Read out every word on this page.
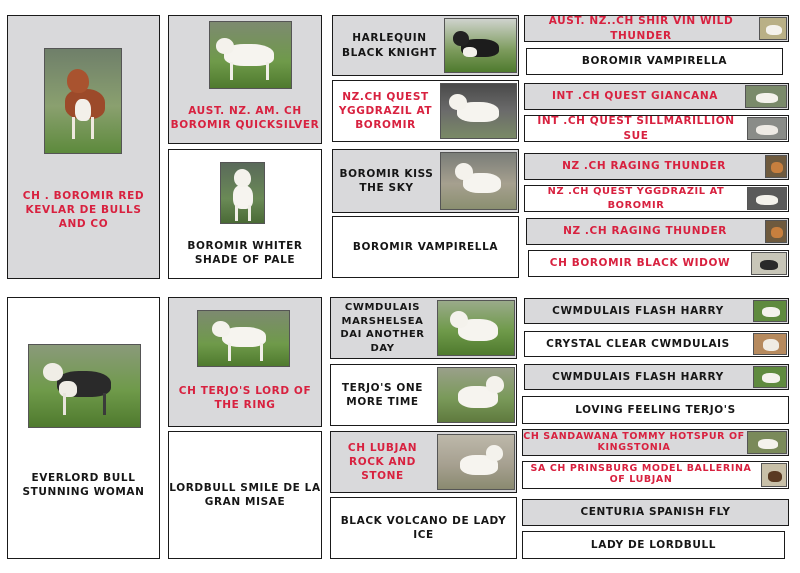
CH . BOROMIR RED KEVLAR DE BULLS AND CO
AUST. NZ. AM. CH BOROMIR QUICKSILVER
BOROMIR WHITER SHADE OF PALE
HARLEQUIN BLACK KNIGHT
NZ.CH QUEST YGGDRAZIL AT BOROMIR
BOROMIR KISS THE SKY
BOROMIR VAMPIRELLA
AUST. NZ..CH SHIR VIN WILD THUNDER
BOROMIR VAMPIRELLA
INT .CH QUEST GIANCANA
INT .CH QUEST SILLMARILLION SUE
NZ .CH RAGING THUNDER
NZ .CH QUEST YGGDRAZIL AT BOROMIR
NZ .CH RAGING THUNDER
CH BOROMIR BLACK WIDOW
EVERLORD BULL STUNNING WOMAN
CH TERJO'S LORD OF THE RING
LORDBULL SMILE DE LA GRAN MISAE
CWMDULAIS MARSHELSEA DAI ANOTHER DAY
TERJO'S ONE MORE TIME
CH LUBJAN ROCK AND STONE
BLACK VOLCANO DE LADY ICE
CWMDULAIS FLASH HARRY
CRYSTAL CLEAR CWMDULAIS
CWMDULAIS FLASH HARRY
LOVING FEELING TERJO'S
CH SANDAWANA TOMMY HOTSPUR OF KINGSTONIA
SA CH PRINSBURG MODEL BALLERINA OF LUBJAN
CENTURIA SPANISH FLY
LADY DE LORDBULL
